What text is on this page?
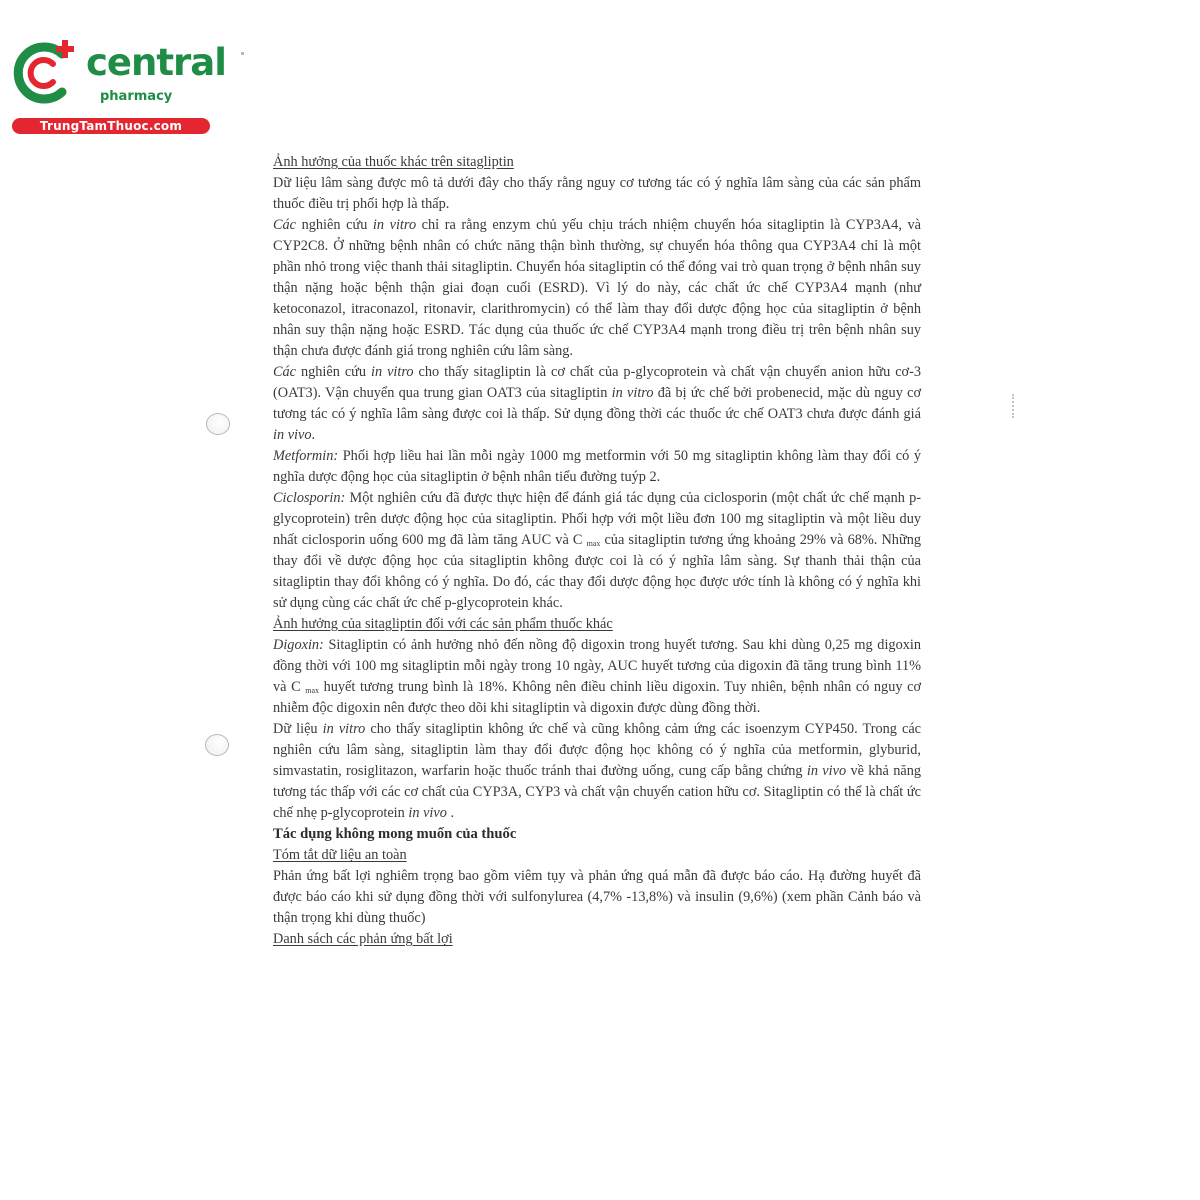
central
pharmacy
TrungTamThuoc.com

Ảnh hưởng của thuốc khác trên sitagliptin

Dữ liệu lâm sàng được mô tả dưới đây cho thấy rằng nguy cơ tương tác có ý nghĩa lâm sàng của các sản phẩm thuốc điều trị phối hợp là thấp.

Các nghiên cứu in vitro chỉ ra rằng enzym chủ yếu chịu trách nhiệm chuyển hóa sitagliptin là CYP3A4, và CYP2C8. Ở những bệnh nhân có chức năng thận bình thường, sự chuyển hóa thông qua CYP3A4 chỉ là một phần nhỏ trong việc thanh thải sitagliptin. Chuyển hóa sitagliptin có thể đóng vai trò quan trọng ở bệnh nhân suy thận nặng hoặc bệnh thận giai đoạn cuối (ESRD). Vì lý do này, các chất ức chế CYP3A4 mạnh (như ketoconazol, itraconazol, ritonavir, clarithromycin) có thể làm thay đổi dược động học của sitagliptin ở bệnh nhân suy thận nặng hoặc ESRD. Tác dụng của thuốc ức chế CYP3A4 mạnh trong điều trị trên bệnh nhân suy thận chưa được đánh giá trong nghiên cứu lâm sàng.

Các nghiên cứu in vitro cho thấy sitagliptin là cơ chất của p-glycoprotein và chất vận chuyển anion hữu cơ-3 (OAT3). Vận chuyển qua trung gian OAT3 của sitagliptin in vitro đã bị ức chế bởi probenecid, mặc dù nguy cơ tương tác có ý nghĩa lâm sàng được coi là thấp. Sử dụng đồng thời các thuốc ức chế OAT3 chưa được đánh giá in vivo.

Metformin: Phối hợp liều hai lần mỗi ngày 1000 mg metformin với 50 mg sitagliptin không làm thay đổi có ý nghĩa dược động học của sitagliptin ở bệnh nhân tiểu đường tuýp 2.

Ciclosporin: Một nghiên cứu đã được thực hiện để đánh giá tác dụng của ciclosporin (một chất ức chế mạnh p-glycoprotein) trên dược động học của sitagliptin. Phối hợp với một liều đơn 100 mg sitagliptin và một liều duy nhất ciclosporin uống 600 mg đã làm tăng AUC và C $_{max}$ của sitagliptin tương ứng khoảng 29% và 68%. Những thay đổi về dược động học của sitagliptin không được coi là có ý nghĩa lâm sàng. Sự thanh thải thận của sitagliptin thay đổi không có ý nghĩa. Do đó, các thay đổi dược động học được ước tính là không có ý nghĩa khi sử dụng cùng các chất ức chế p-glycoprotein khác.

Ảnh hưởng của sitagliptin đối với các sản phẩm thuốc khác

Digoxin: Sitagliptin có ảnh hưởng nhỏ đến nồng độ digoxin trong huyết tương. Sau khi dùng 0,25 mg digoxin đồng thời với 100 mg sitagliptin mỗi ngày trong 10 ngày, AUC huyết tương của digoxin đã tăng trung bình 11% và C $_{max}$ huyết tương trung bình là 18%. Không nên điều chỉnh liều digoxin. Tuy nhiên, bệnh nhân có nguy cơ nhiễm độc digoxin nên được theo dõi khi sitagliptin và digoxin được dùng đồng thời.

Dữ liệu in vitro cho thấy sitagliptin không ức chế và cũng không cảm ứng các isoenzym CYP450. Trong các nghiên cứu lâm sàng, sitagliptin làm thay đổi được động học không có ý nghĩa của metformin, glyburid, simvastatin, rosiglitazon, warfarin hoặc thuốc tránh thai đường uống, cung cấp bằng chứng in vivo về khả năng tương tác thấp với các cơ chất của CYP3A, CYP3 và chất vận chuyển cation hữu cơ. Sitagliptin có thể là chất ức chế nhẹ p-glycoprotein in vivo .

Tác dụng không mong muốn của thuốc

Tóm tắt dữ liệu an toàn

Phản ứng bất lợi nghiêm trọng bao gồm viêm tụy và phản ứng quá mẫn đã được báo cáo. Hạ đường huyết đã được báo cáo khi sử dụng đồng thời với sulfonylurea (4,7% -13,8%) và insulin (9,6%) (xem phần Cảnh báo và thận trọng khi dùng thuốc)

Danh sách các phản ứng bất lợi
